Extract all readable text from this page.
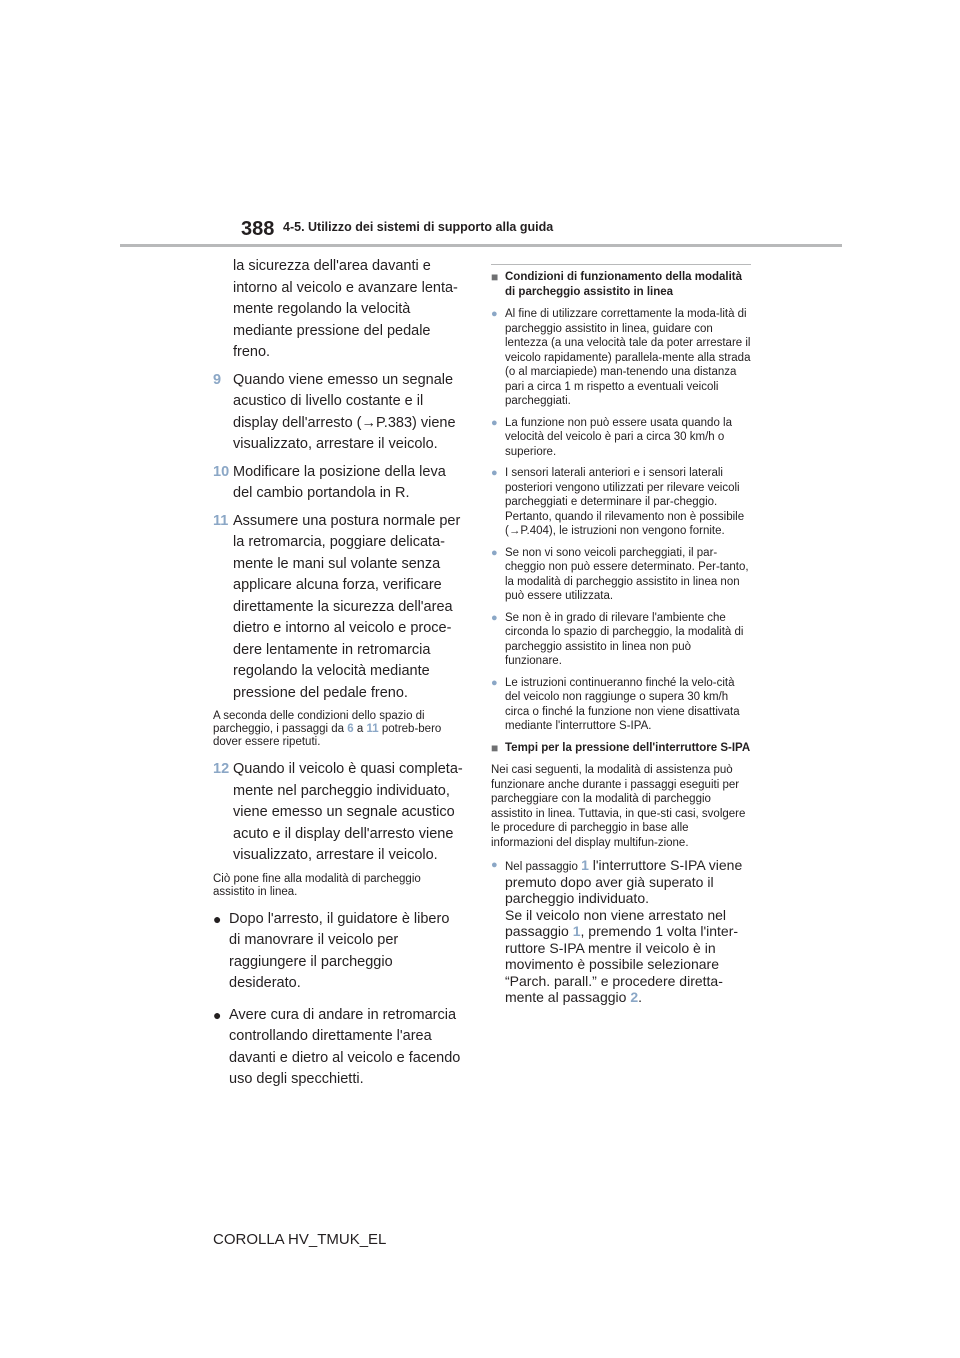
388 4-5. Utilizzo dei sistemi di supporto alla guida
la sicurezza dell'area davanti e intorno al veicolo e avanzare lenta-mente regolando la velocità mediante pressione del pedale freno.
9 Quando viene emesso un segnale acustico di livello costante e il display dell'arresto (→P.383) viene visualizzato, arrestare il veicolo.
10 Modificare la posizione della leva del cambio portandola in R.
11 Assumere una postura normale per la retromarcia, poggiare delicata-mente le mani sul volante senza applicare alcuna forza, verificare direttamente la sicurezza dell'area dietro e intorno al veicolo e proce-dere lentamente in retromarcia regolando la velocità mediante pressione del pedale freno.
A seconda delle condizioni dello spazio di parcheggio, i passaggi da 6 a 11 potreb-bero dover essere ripetuti.
12 Quando il veicolo è quasi completa-mente nel parcheggio individuato, viene emesso un segnale acustico acuto e il display dell'arresto viene visualizzato, arrestare il veicolo.
Ciò pone fine alla modalità di parcheggio assistito in linea.
● Dopo l'arresto, il guidatore è libero di manovrare il veicolo per raggiungere il parcheggio desiderato.
● Avere cura di andare in retromarcia controllando direttamente l'area davanti e dietro al veicolo e facendo uso degli specchietti.
■ Condizioni di funzionamento della modalità di parcheggio assistito in linea
● Al fine di utilizzare correttamente la moda-lità di parcheggio assistito in linea, guidare con lentezza (a una velocità tale da poter arrestare il veicolo rapidamente) parallela-mente alla strada (o al marciapiede) man-tenendo una distanza pari a circa 1 m rispetto a eventuali veicoli parcheggiati.
● La funzione non può essere usata quando la velocità del veicolo è pari a circa 30 km/h o superiore.
● I sensori laterali anteriori e i sensori laterali posteriori vengono utilizzati per rilevare veicoli parcheggiati e determinare il par-cheggio. Pertanto, quando il rilevamento non è possibile (→P.404), le istruzioni non vengono fornite.
● Se non vi sono veicoli parcheggiati, il par-cheggio non può essere determinato. Per-tanto, la modalità di parcheggio assistito in linea non può essere utilizzata.
● Se non è in grado di rilevare l'ambiente che circonda lo spazio di parcheggio, la modalità di parcheggio assistito in linea non può funzionare.
● Le istruzioni continueranno finché la velo-cità del veicolo non raggiunge o supera 30 km/h circa o finché la funzione non viene disattivata mediante l'interruttore S-IPA.
■ Tempi per la pressione dell'interruttore S-IPA
Nei casi seguenti, la modalità di assistenza può funzionare anche durante i passaggi eseguiti per parcheggiare con la modalità di parcheggio assistito in linea. Tuttavia, in que-sti casi, svolgere le procedure di parcheggio in base alle informazioni del display multifun-zione.
● Nel passaggio 1 l'interruttore S-IPA viene premuto dopo aver già superato il parcheggio individuato.
Se il veicolo non viene arrestato nel passaggio 1, premendo 1 volta l'inter-ruttore S-IPA mentre il veicolo è in movimento è possibile selezionare “Parch. parall.” e procedere diretta-mente al passaggio 2.
COROLLA HV_TMUK_EL
